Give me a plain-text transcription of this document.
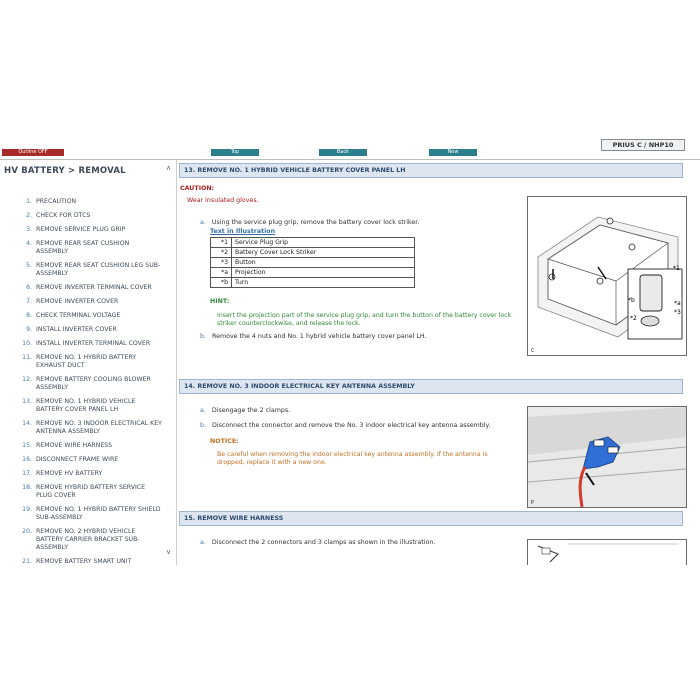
Outline OFF	Top	Back	New
PRIUS C / NHP10
HV BATTERY > REMOVAL	∧
1. PRECAUTION
2. CHECK FOR DTCS
3. REMOVE SERVICE PLUG GRIP
4. REMOVE REAR SEAT CUSHION ASSEMBLY
5. REMOVE REAR SEAT CUSHION LEG SUB-ASSEMBLY
6. REMOVE INVERTER TERMINAL COVER
7. REMOVE INVERTER COVER
8. CHECK TERMINAL VOLTAGE
9. INSTALL INVERTER COVER
10. INSTALL INVERTER TERMINAL COVER
11. REMOVE NO. 1 HYBRID BATTERY EXHAUST DUCT
12. REMOVE BATTERY COOLING BLOWER ASSEMBLY
13. REMOVE NO. 1 HYBRID VEHICLE BATTERY COVER PANEL LH
14. REMOVE NO. 3 INDOOR ELECTRICAL KEY ANTENNA ASSEMBLY
15. REMOVE WIRE HARNESS
16. DISCONNECT FRAME WIRE
17. REMOVE HV BATTERY
18. REMOVE HYBRID BATTERY SERVICE PLUG COVER
19. REMOVE NO. 1 HYBRID BATTERY SHIELD SUB-ASSEMBLY
20. REMOVE NO. 2 HYBRID VEHICLE BATTERY CARRIER BRACKET SUB-ASSEMBLY
21. REMOVE BATTERY SMART UNIT
∨
13. REMOVE NO. 1 HYBRID VEHICLE BATTERY COVER PANEL LH
CAUTION:
Wear insulated gloves.
a. Using the service plug grip, remove the battery cover lock striker.
Text in Illustration
*1	Service Plug Grip
*2	Battery Cover Lock Striker
*3	Button
*a	Projection
*b	Turn
HINT:
Insert the projection part of the service plug grip, and turn the button of the battery cover lock striker counterclockwise, and release the lock.
b. Remove the 4 nuts and No. 1 hybrid vehicle battery cover panel LH.
*1
*b	*a
*2
*3
C
14. REMOVE NO. 3 INDOOR ELECTRICAL KEY ANTENNA ASSEMBLY
a. Disengage the 2 clamps.
b. Disconnect the connector and remove the No. 3 indoor electrical key antenna assembly.
NOTICE:
Be careful when removing the indoor electrical key antenna assembly. If the antenna is dropped, replace it with a new one.
P
15. REMOVE WIRE HARNESS
a. Disconnect the 2 connectors and 3 clamps as shown in the illustration.
